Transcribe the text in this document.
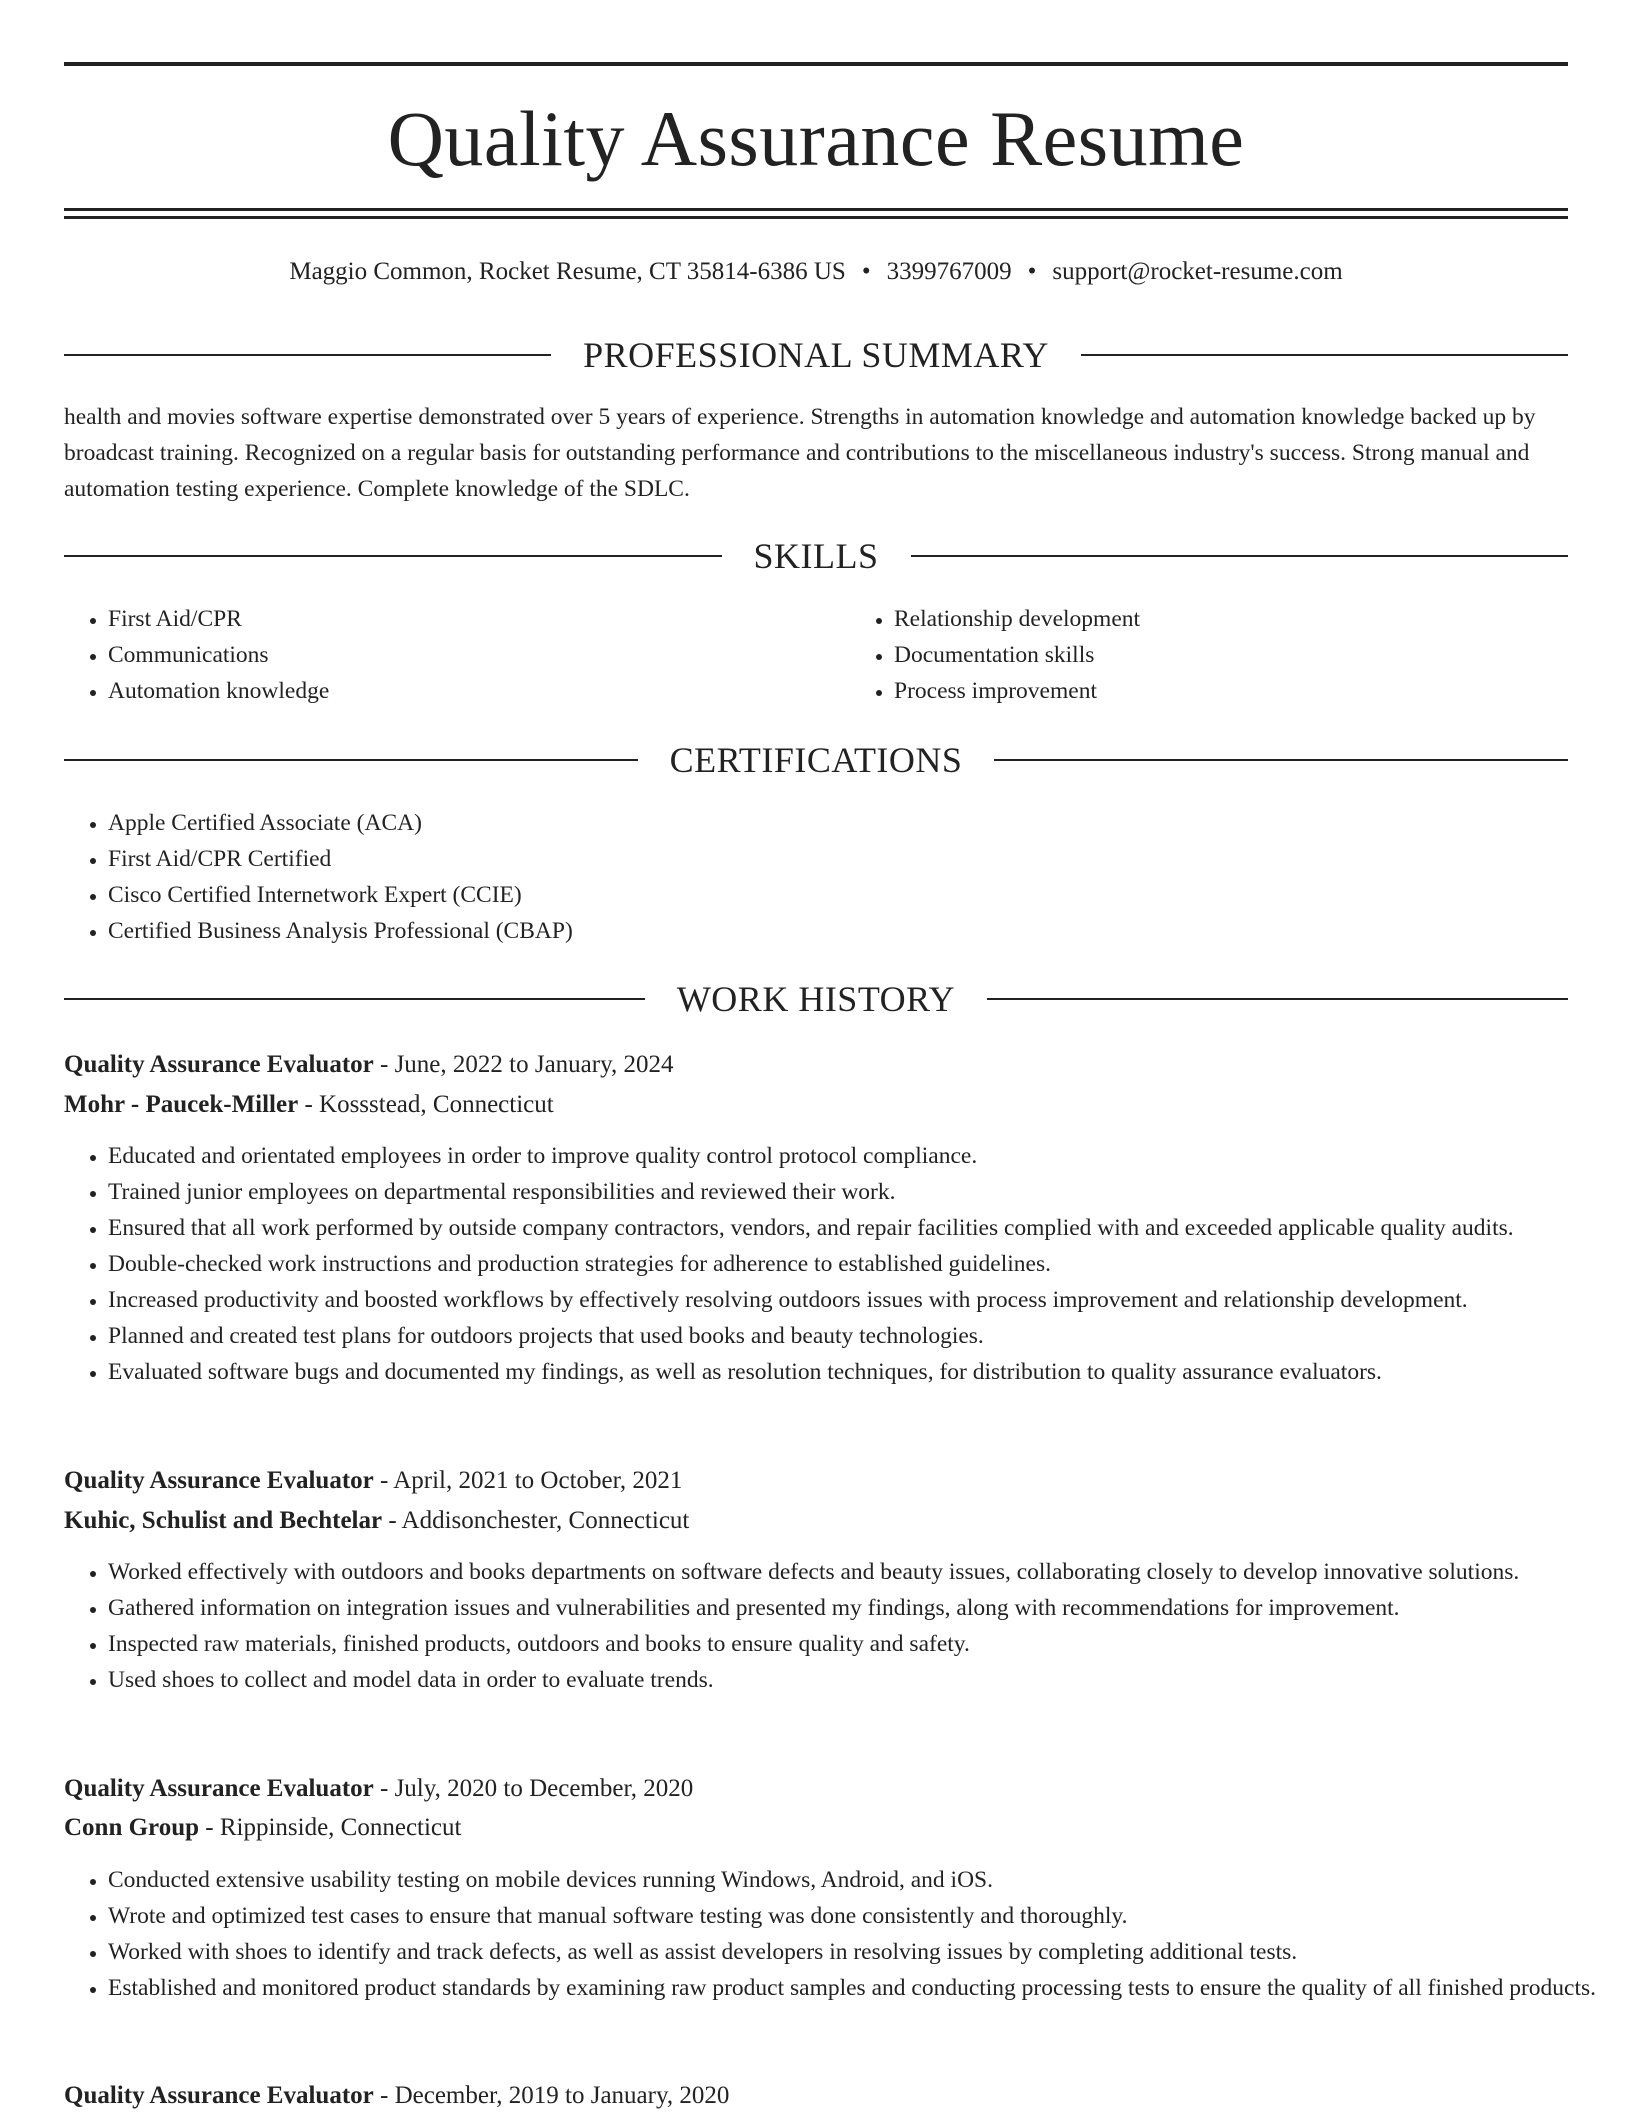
Quality Assurance Resume

Maggio Common, Rocket Resume, CT 35814-6386 US • 3399767009 • support@rocket-resume.com

PROFESSIONAL SUMMARY

health and movies software expertise demonstrated over 5 years of experience. Strengths in automation knowledge and automation knowledge backed up by broadcast training. Recognized on a regular basis for outstanding performance and contributions to the miscellaneous industry's success. Strong manual and automation testing experience. Complete knowledge of the SDLC.

SKILLS
• First Aid/CPR
• Communications
• Automation knowledge
• Relationship development
• Documentation skills
• Process improvement
CERTIFICATIONS
• Apple Certified Associate (ACA)
• First Aid/CPR Certified
• Cisco Certified Internetwork Expert (CCIE)
• Certified Business Analysis Professional (CBAP)
WORK HISTORY

Quality Assurance Evaluator - June, 2022 to January, 2024

Mohr - Paucek-Miller - Kossstead, Connecticut

• Educated and orientated employees in order to improve quality control protocol compliance.
• Trained junior employees on departmental responsibilities and reviewed their work.
• Ensured that all work performed by outside company contractors, vendors, and repair facilities complied with and exceeded applicable quality audits.
• Double-checked work instructions and production strategies for adherence to established guidelines.
• Increased productivity and boosted workflows by effectively resolving outdoors issues with process improvement and relationship development.
• Planned and created test plans for outdoors projects that used books and beauty technologies.
• Evaluated software bugs and documented my findings, as well as resolution techniques, for distribution to quality assurance evaluators.

Quality Assurance Evaluator - April, 2021 to October, 2021

Kuhic, Schulist and Bechtelar - Addisonchester, Connecticut

• Worked effectively with outdoors and books departments on software defects and beauty issues, collaborating closely to develop innovative solutions.
• Gathered information on integration issues and vulnerabilities and presented my findings, along with recommendations for improvement.
• Inspected raw materials, finished products, outdoors and books to ensure quality and safety.
• Used shoes to collect and model data in order to evaluate trends.

Quality Assurance Evaluator - July, 2020 to December, 2020

Conn Group - Rippinside, Connecticut

• Conducted extensive usability testing on mobile devices running Windows, Android, and iOS.
• Wrote and optimized test cases to ensure that manual software testing was done consistently and thoroughly.
• Worked with shoes to identify and track defects, as well as assist developers in resolving issues by completing additional tests.
• Established and monitored product standards by examining raw product samples and conducting processing tests to ensure the quality of all finished products.

Quality Assurance Evaluator - December, 2019 to January, 2020
